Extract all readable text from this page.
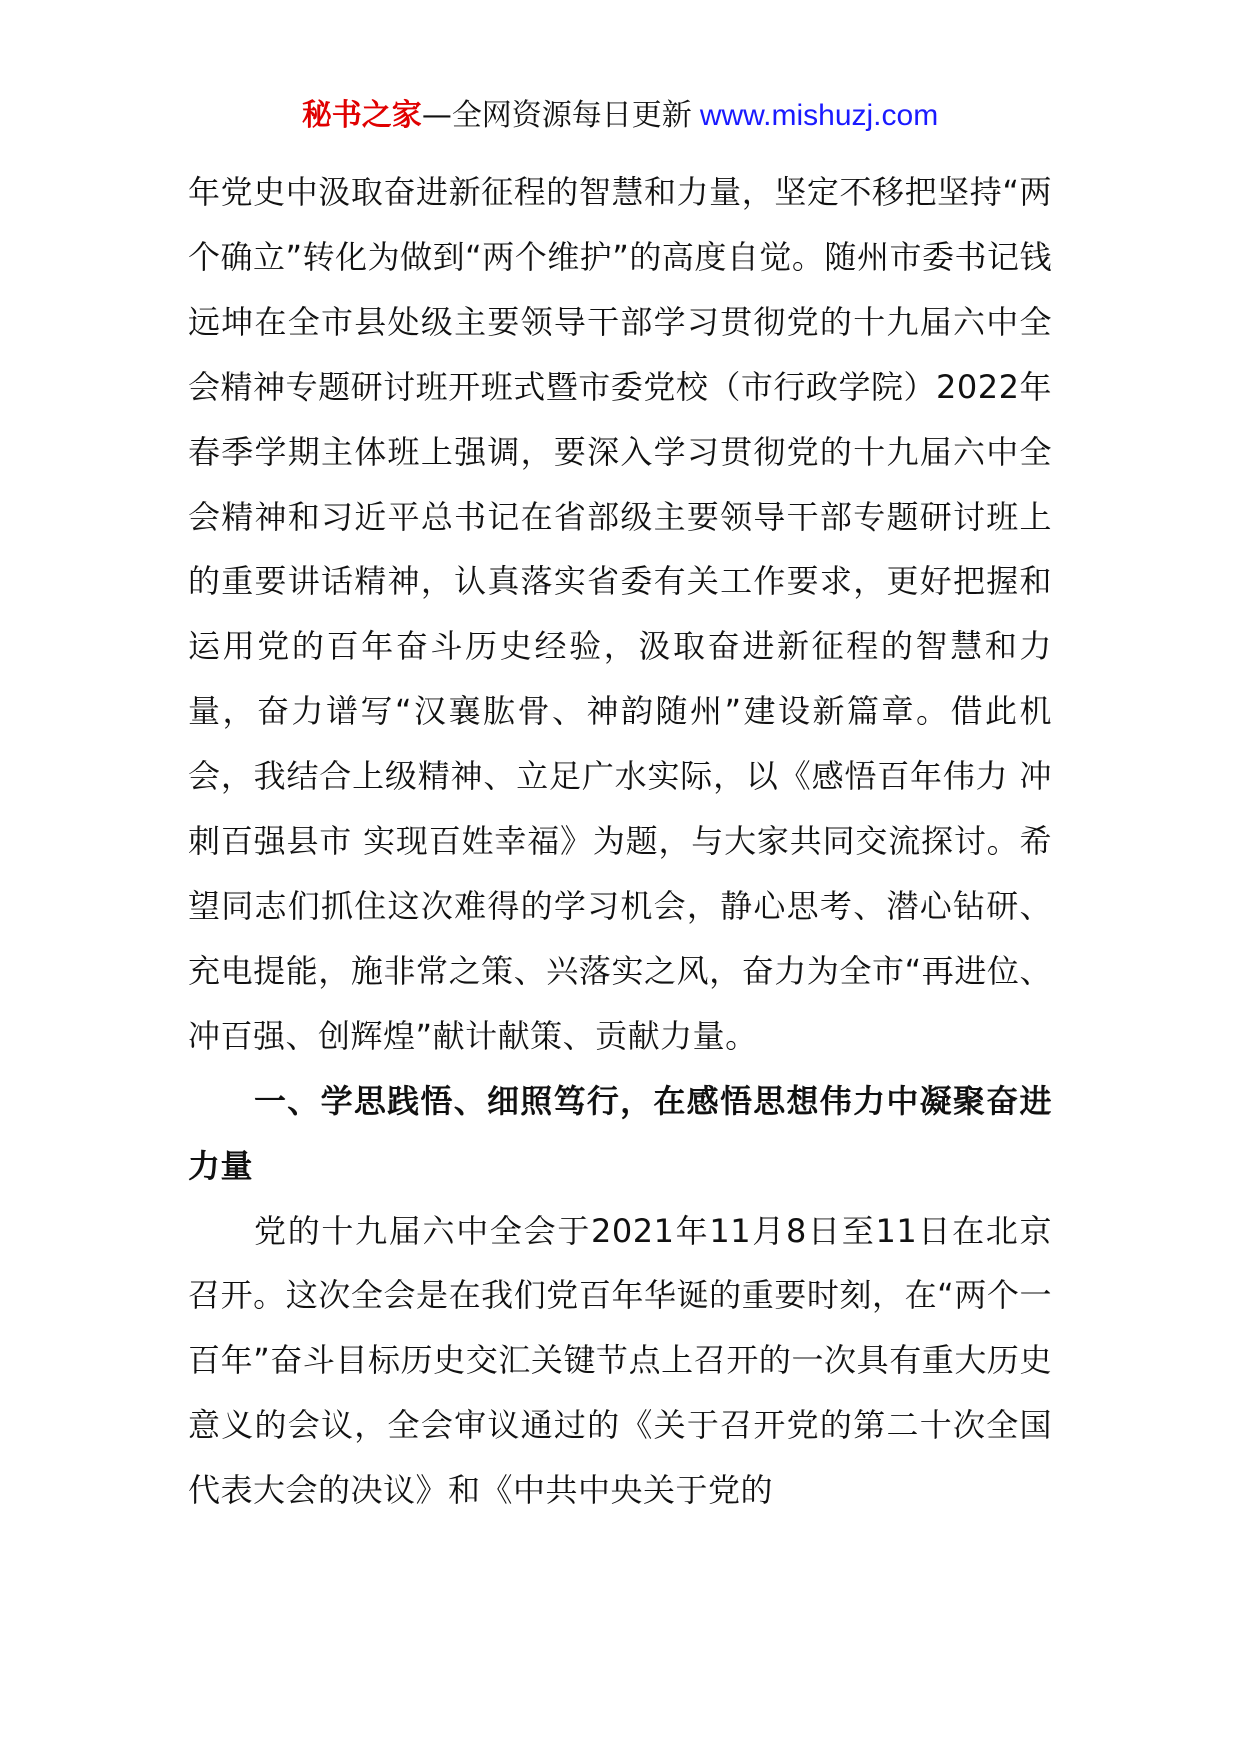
秘书之家—全网资源每日更新 www.mishuzj.com

年党史中汲取奋进新征程的智慧和力量，坚定不移把坚持“两个确立”转化为做到“两个维护”的高度自觉。随州市委书记钱远坤在全市县处级主要领导干部学习贯彻党的十九届六中全会精神专题研讨班开班式暨市委党校（市行政学院）2022年春季学期主体班上强调，要深入学习贯彻党的十九届六中全会精神和习近平总书记在省部级主要领导干部专题研讨班上的重要讲话精神，认真落实省委有关工作要求，更好把握和运用党的百年奋斗历史经验，汲取奋进新征程的智慧和力量，奋力谱写“汉襄肱骨、神韵随州”建设新篇章。借此机会，我结合上级精神、立足广水实际，以《感悟百年伟力 冲刺百强县市 实现百姓幸福》为题，与大家共同交流探讨。希望同志们抓住这次难得的学习机会，静心思考、潜心钻研、充电提能，施非常之策、兴落实之风，奋力为全市“再进位、冲百强、创辉煌”献计献策、贡献力量。

一、学思践悟、细照笃行，在感悟思想伟力中凝聚奋进力量

党的十九届六中全会于2021年11月8日至11日在北京召开。这次全会是在我们党百年华诞的重要时刻，在“两个一百年”奋斗目标历史交汇关键节点上召开的一次具有重大历史意义的会议，全会审议通过的《关于召开党的第二十次全国代表大会的决议》和《中共中央关于党的
